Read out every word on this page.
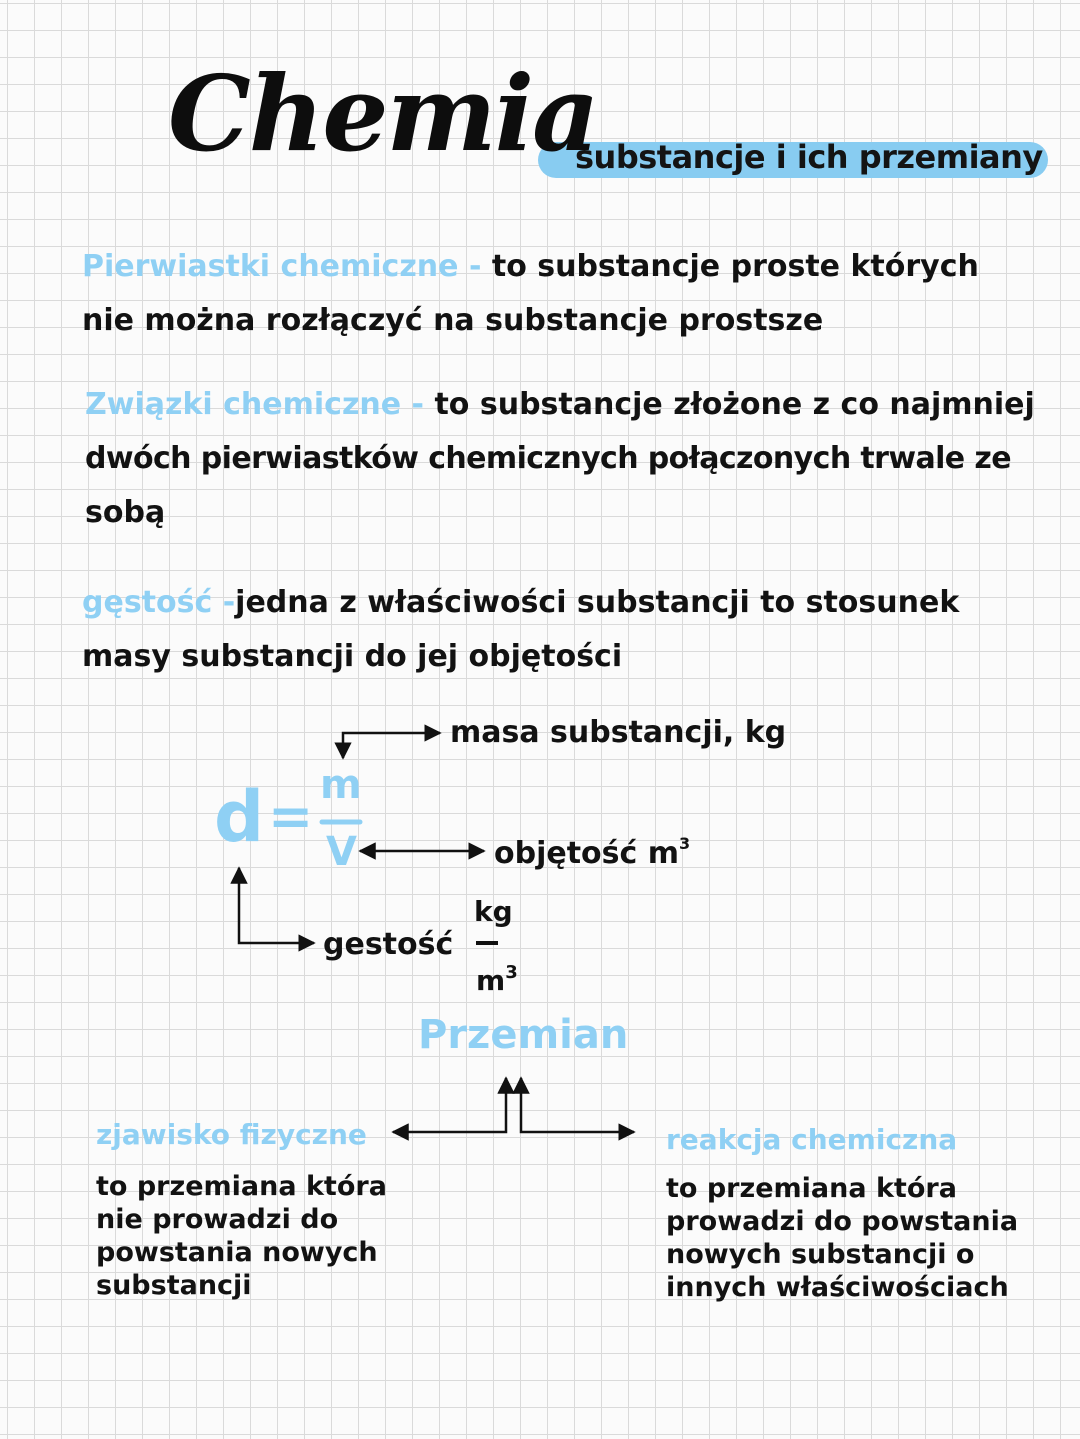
Chemia
substancje i ich przemiany
Pierwiastki chemiczne - to substancje proste których
nie można rozłączyć na substancje prostsze
Związki chemiczne - to substancje złożone z co najmniej
dwóch pierwiastków chemicznych połączonych trwale ze
sobą
gęstość -jedna z właściwości substancji to stosunek
masy substancji do jej objętości
d = m
V
masa substancji, kg
objętość $m^3$
gestość
kg
$m^3$
Przemian
zjawisko fizyczne
to przemiana która
nie prowadzi do
powstania nowych
substancji
reakcja chemiczna
to przemiana która
prowadzi do powstania
nowych substancji o
innych właściwościach
